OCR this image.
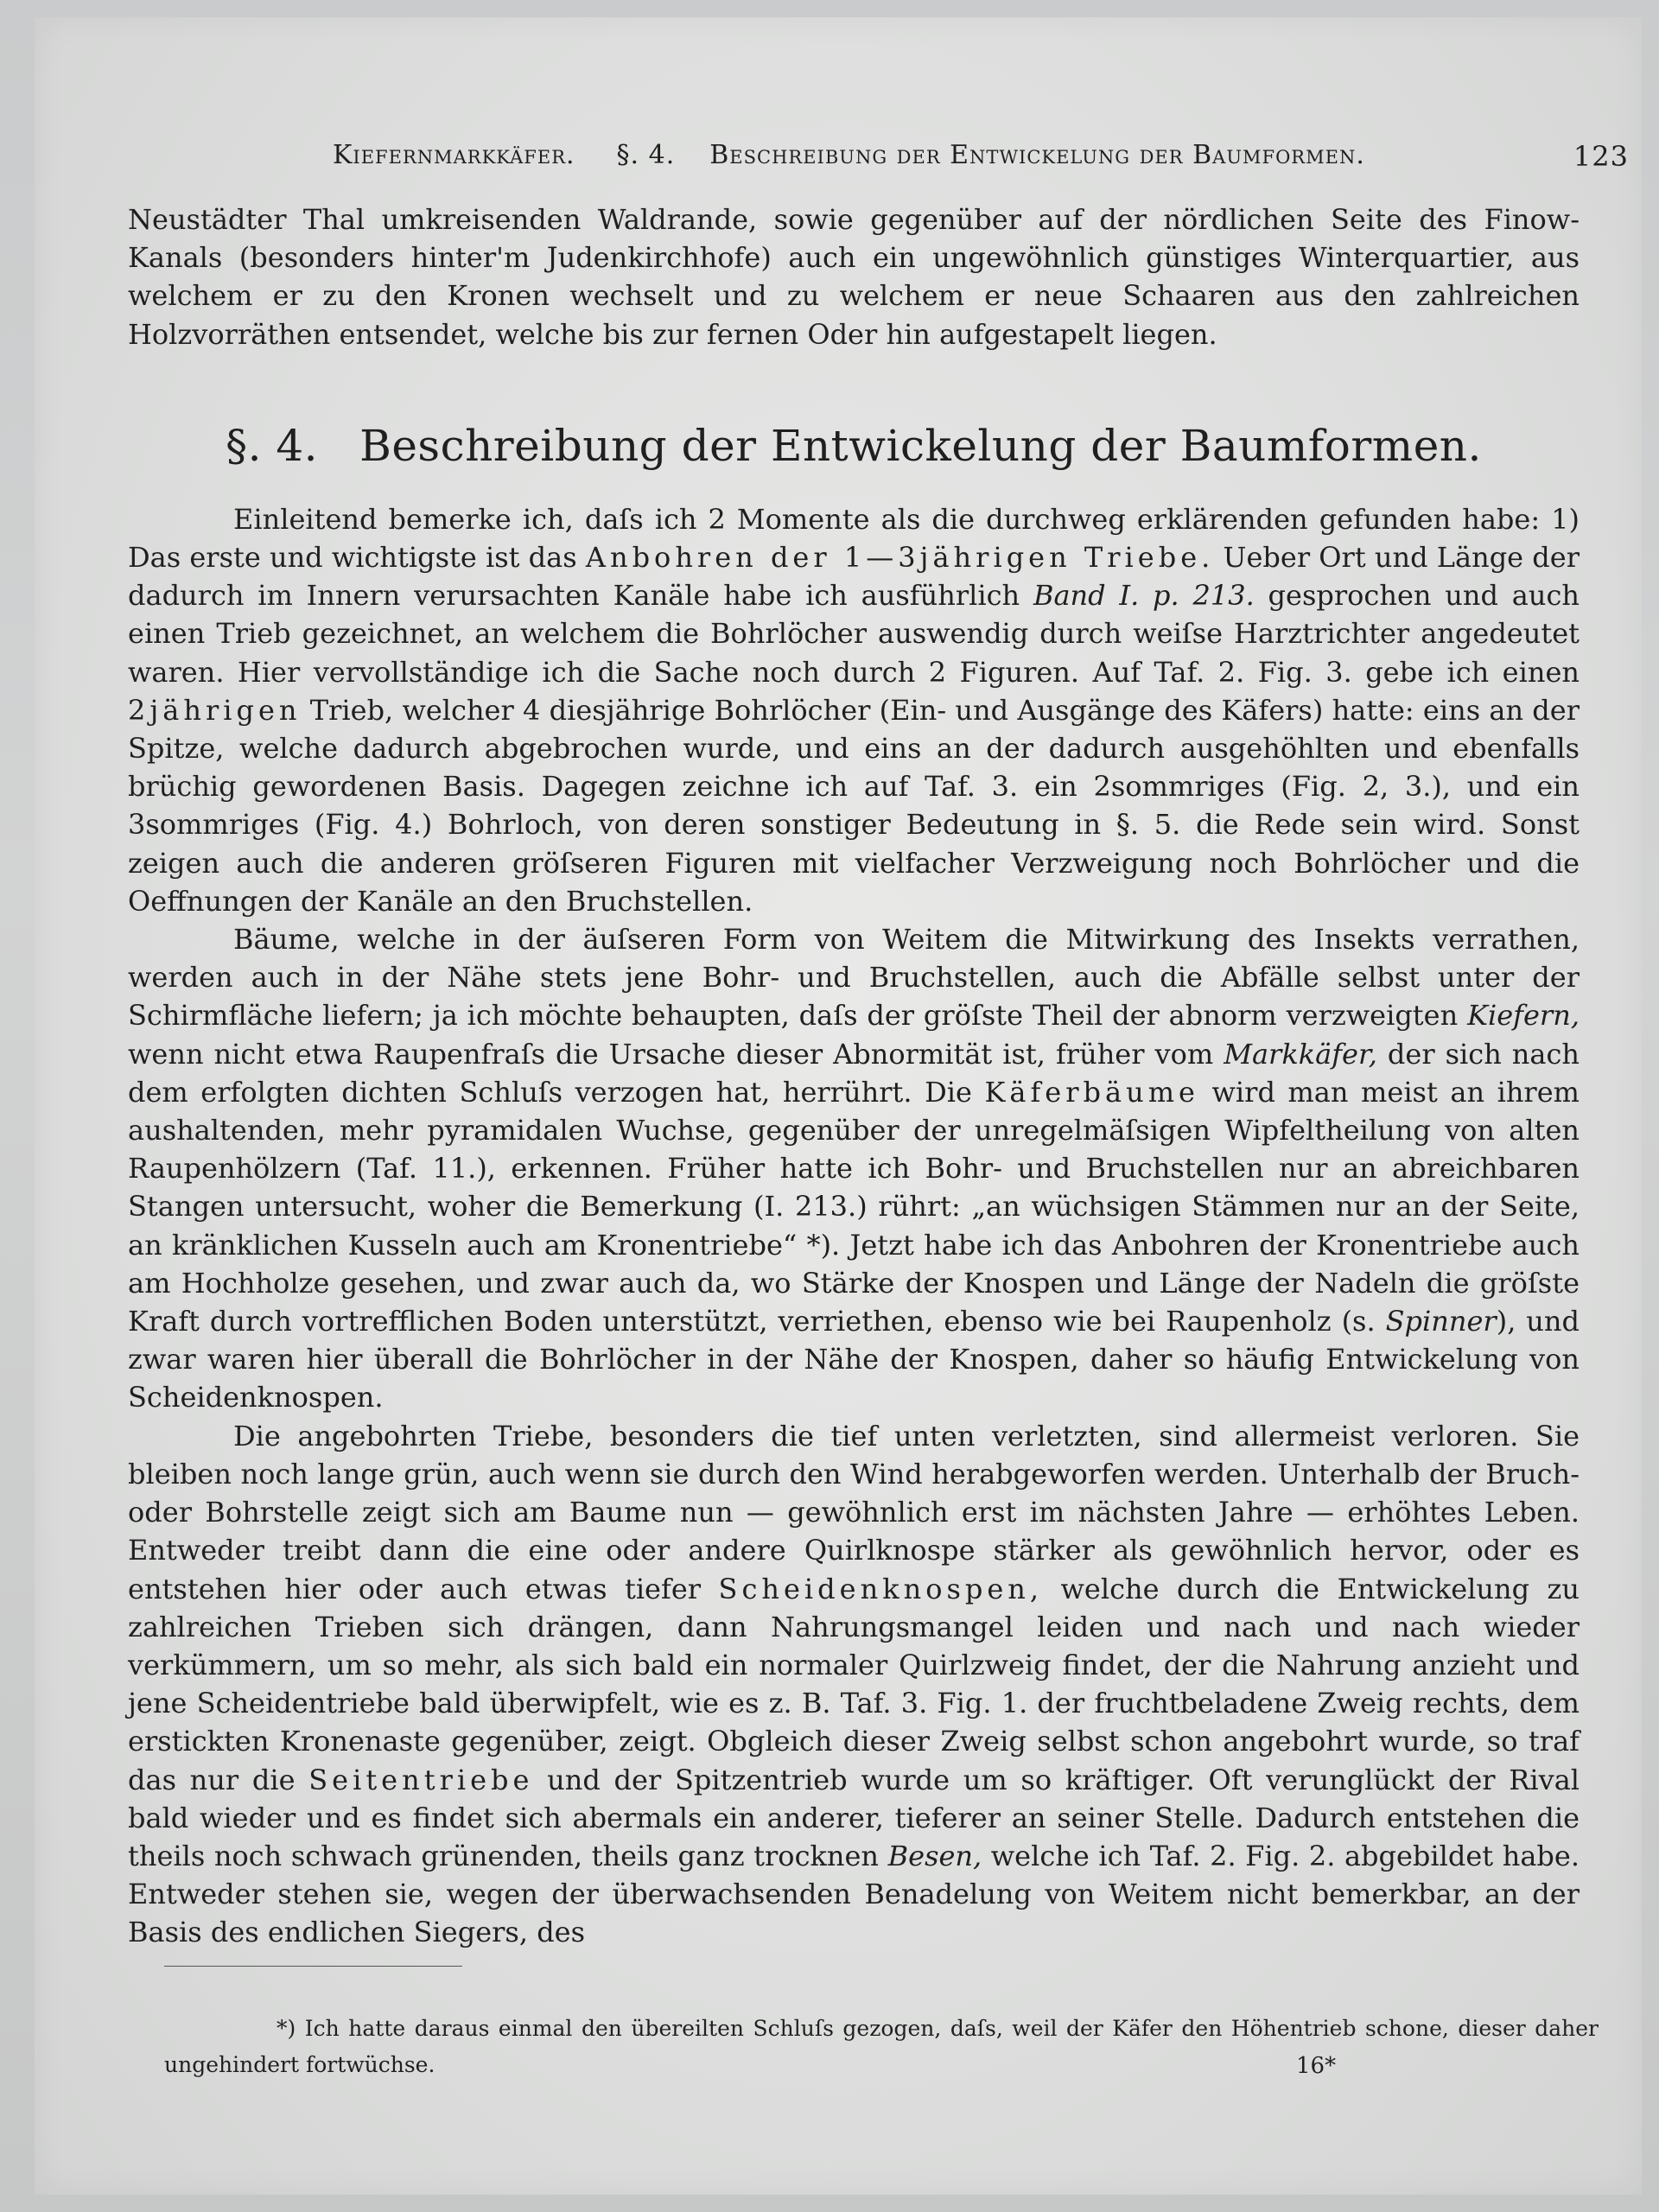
Kiefernmarkkäfer. §. 4. Beschreibung der Entwickelung der Baumformen.	123

Neustädter Thal umkreisenden Waldrande, sowie gegenüber auf der nördlichen Seite des Finow-Kanals (besonders hinter'm Judenkirchhofe) auch ein ungewöhnlich günstiges Winterquartier, aus welchem er zu den Kronen wechselt und zu welchem er neue Schaaren aus den zahlreichen Holzvorräthen entsendet, welche bis zur fernen Oder hin aufgestapelt liegen.

§. 4. Beschreibung der Entwickelung der Baumformen.

Einleitend bemerke ich, daſs ich 2 Momente als die durchweg erklärenden gefunden habe: 1) Das erste und wichtigste ist das Anbohren der 1—3jährigen Triebe. Ueber Ort und Länge der dadurch im Innern verursachten Kanäle habe ich ausführlich Band I. p. 213. gesprochen und auch einen Trieb gezeichnet, an welchem die Bohrlöcher auswendig durch weiſse Harztrichter angedeutet waren. Hier vervollständige ich die Sache noch durch 2 Figuren. Auf Taf. 2. Fig. 3. gebe ich einen 2jährigen Trieb, welcher 4 diesjährige Bohrlöcher (Ein- und Ausgänge des Käfers) hatte: eins an der Spitze, welche dadurch abgebrochen wurde, und eins an der dadurch ausgehöhlten und ebenfalls brüchig gewordenen Basis. Dagegen zeichne ich auf Taf. 3. ein 2sommriges (Fig. 2, 3.), und ein 3sommriges (Fig. 4.) Bohrloch, von deren sonstiger Bedeutung in §. 5. die Rede sein wird. Sonst zeigen auch die anderen gröſseren Figuren mit vielfacher Verzweigung noch Bohrlöcher und die Oeffnungen der Kanäle an den Bruchstellen.

Bäume, welche in der äuſseren Form von Weitem die Mitwirkung des Insekts verrathen, werden auch in der Nähe stets jene Bohr- und Bruchstellen, auch die Abfälle selbst unter der Schirmfläche liefern; ja ich möchte behaupten, daſs der gröſste Theil der abnorm verzweigten Kiefern, wenn nicht etwa Raupenfraſs die Ursache dieser Abnormität ist, früher vom Markkäfer, der sich nach dem erfolgten dichten Schluſs verzogen hat, herrührt. Die Käferbäume wird man meist an ihrem aushaltenden, mehr pyramidalen Wuchse, gegenüber der unregelmäſsigen Wipfeltheilung von alten Raupenhölzern (Taf. 11.), erkennen. Früher hatte ich Bohr- und Bruchstellen nur an abreichbaren Stangen untersucht, woher die Bemerkung (I. 213.) rührt: „an wüchsigen Stämmen nur an der Seite, an kränklichen Kusseln auch am Kronentriebe“ *). Jetzt habe ich das Anbohren der Kronentriebe auch am Hochholze gesehen, und zwar auch da, wo Stärke der Knospen und Länge der Nadeln die gröſste Kraft durch vortrefflichen Boden unterstützt, verriethen, ebenso wie bei Raupenholz (s. Spinner), und zwar waren hier überall die Bohrlöcher in der Nähe der Knospen, daher so häufig Entwickelung von Scheidenknospen.

Die angebohrten Triebe, besonders die tief unten verletzten, sind allermeist verloren. Sie bleiben noch lange grün, auch wenn sie durch den Wind herabgeworfen werden. Unterhalb der Bruch- oder Bohrstelle zeigt sich am Baume nun — gewöhnlich erst im nächsten Jahre — erhöhtes Leben. Entweder treibt dann die eine oder andere Quirlknospe stärker als gewöhnlich hervor, oder es entstehen hier oder auch etwas tiefer Scheidenknospen, welche durch die Entwickelung zu zahlreichen Trieben sich drängen, dann Nahrungsmangel leiden und nach und nach wieder verkümmern, um so mehr, als sich bald ein normaler Quirlzweig findet, der die Nahrung anzieht und jene Scheidentriebe bald überwipfelt, wie es z. B. Taf. 3. Fig. 1. der fruchtbeladene Zweig rechts, dem erstickten Kronenaste gegenüber, zeigt. Obgleich dieser Zweig selbst schon angebohrt wurde, so traf das nur die Seitentriebe und der Spitzentrieb wurde um so kräftiger. Oft verunglückt der Rival bald wieder und es findet sich abermals ein anderer, tieferer an seiner Stelle. Dadurch entstehen die theils noch schwach grünenden, theils ganz trocknen Besen, welche ich Taf. 2. Fig. 2. abgebildet habe. Entweder stehen sie, wegen der überwachsenden Benadelung von Weitem nicht bemerkbar, an der Basis des endlichen Siegers, des

*) Ich hatte daraus einmal den übereilten Schluſs gezogen, daſs, weil der Käfer den Höhentrieb schone, dieser daher ungehindert fortwüchse.	16*
